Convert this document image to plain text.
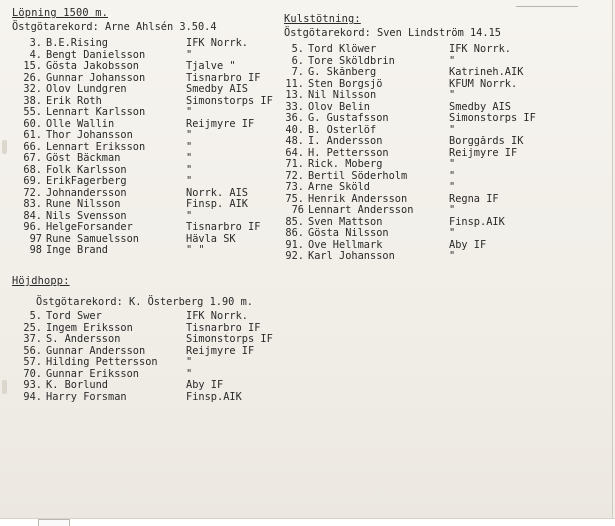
Löpning 1500 m.
Östgötarekord: Arne Ahlsén 3.50.4
3. B.E.Rising	IFK Norrk.
4. Bengt Danielsson	"
15. Gösta Jakobsson	Tjalve "
26. Gunnar Johansson	Tisnarbro IF
32. Olov Lundgren	Smedby AIS
38. Erik Roth	Simonstorps IF
55. Lennart Karlsson	"
60. Olle Wallin	Reijmyre IF
61. Thor Johansson	"
66. Lennart Eriksson	"
67. Göst Bäckman	"
68. Folk Karlsson	"
69. ErikFagerberg	"
72. Johnandersson	Norrk. AIS
83. Rune Nilsson	Finsp. AIK
84. Nils Svensson	"
96. HelgeForsander	Tisnarbro IF
97 Rune Samuelsson	Hävla SK
98 Inge Brand	" "
Kulstötning:
Östgötarekord: Sven Lindström 14.15
5. Tord Klöwer	IFK Norrk.
6. Tore Sköldbrin	"
7. G. Skånberg	Katrineh.AIK
11. Sten Borgsjö	KFUM Norrk.
13. Nil Nilsson	"
33. Olov Belin	Smedby AIS
36. G. Gustafsson	Simonstorps IF
40. B. Österlöf	"
48. I. Andersson	Borggårds IK
64. H. Pettersson	Reijmyre IF
71. Rick. Moberg	"
72. Bertil Söderholm	"
73. Arne Sköld	"
75. Henrik Andersson	Regna IF
76 Lennart Andersson	"
85. Sven Mattson	Finsp.AIK
86. Gösta Nilsson	"
91. Ove Hellmark	Åby IF
92. Karl Johansson	"
Höjdhopp:
Östgötarekord: K. Österberg 1.90 m.
5. Tord Swer	IFK Norrk.
25. Ingem Eriksson	Tisnarbro IF
37. S. Andersson	Simonstorps IF
56. Gunnar Andersson	Reijmyre IF
57. Hilding Pettersson	"
70. Gunnar Eriksson	"
93. K. Borlund	Åby IF
94. Harry Forsman	Finsp.AIK
